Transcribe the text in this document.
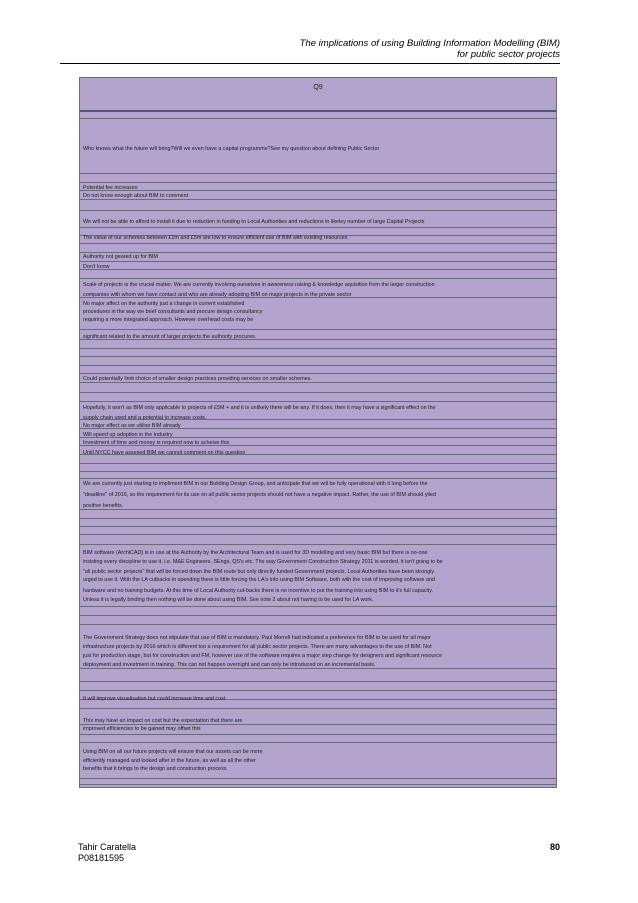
The implications of using Building Information Modelling (BIM)
for public sector projects
Q9
Who knows what the future will bring?Will we even have a capital programme?See my question about defining Public Sector
Potential fee increases
Do not know enough about BIM to comment
We will not be able to afford to install it due to reduction in funding to Local Authorities and reductions in likeley number of large Capital Projects
The value of our schemes between £1m and £5m are low to ensure efficient use of BIM with existing resources
Authority not geared up for BIM
Don't know
Scale of projects is the crucial matter. We are currently involving ourselves in awareness raising & knowledge aquisition from the larger construction
companies with whom we have contact and who are already adopting BIM on major projects in the private sector
No major affect on the authority just a change in current established
procedures in the way we brief consultants and procure design consultancy
requiring a more integrated approach. However overhead costs may be
significant related to the amount of larger projects the authority procures.
Could potentially limit choice of smaller design practices providing services on smaller schemes.
Hopefully, it won't as BIM only applicable to projects of £5M + and it is unlikely there will be any. If it does, then it may have a significant effect on the
supply chain used and a potential to increase costs.
No major effect as we utilise BIM already
Will speed up adoption in the industry
Investment of time and money is required now to acheive this
Until NYCC have assesed BIM we cannot comment on this question
We are currently just starting to impliment BIM in our Building Design Group, and anticipate that we will be fully operational with it long before the
"deadline" of 2016, so the requirement for its use on all public sector projects should not have a negative impact. Rather, the use of BIM should yiled
positive benefits.
BIM software (ArchiCAD) is in use at the Authority by the Architectural Team and is used for 3D modelling and very basic BIM but there is no-one
insisting every discipline to use it, i.e. M&E Engineers, SEngs, QS's etc. The way Government Construction Strategy 2011 is worded, it isn't going to be
"all public sector projects" that will be forced down the BIM route but only directly funded Government projects. Local Authorities have been strongly
urged to use it. With the LA cutbacks in spending there is little forcing the LA's into using BIM Software, both with the cost of improving software and
hardware and no training budgets. At this time of Local Authority cut-backs there is no incentive to put the training into using BIM to it's full capacity.
Unless it is legally binding then nothing will be done about using BIM. See note 2 about not having to be used for LA work.
The Government Strategy does not stipulate that use of BIM is mandatory. Paul Morrell had indicated a preference for BIM to be used for all major
infrastructure projects by 2016 which is different too a requirement for all public sector projects. There are many advantages to the use of BIM. Not
just for production stage, but for construction and FM, however use of the software requires a major step change for designers and significant resource
deployment and investment in training. This can not happen overnight and can only be introduced on an incremental basis.
It will improve visualisation but could increase time and cost
This may have an impact on cost but the expectation that there are
improved efficiencies to be gained may offset this
Using BIM on all our future projects will ensure that our assets can be more
efficiently managed and looked after in the future, as well as all the other
benefits that it brings to the design and construction process
Tahir Caratella
P08181595
80
